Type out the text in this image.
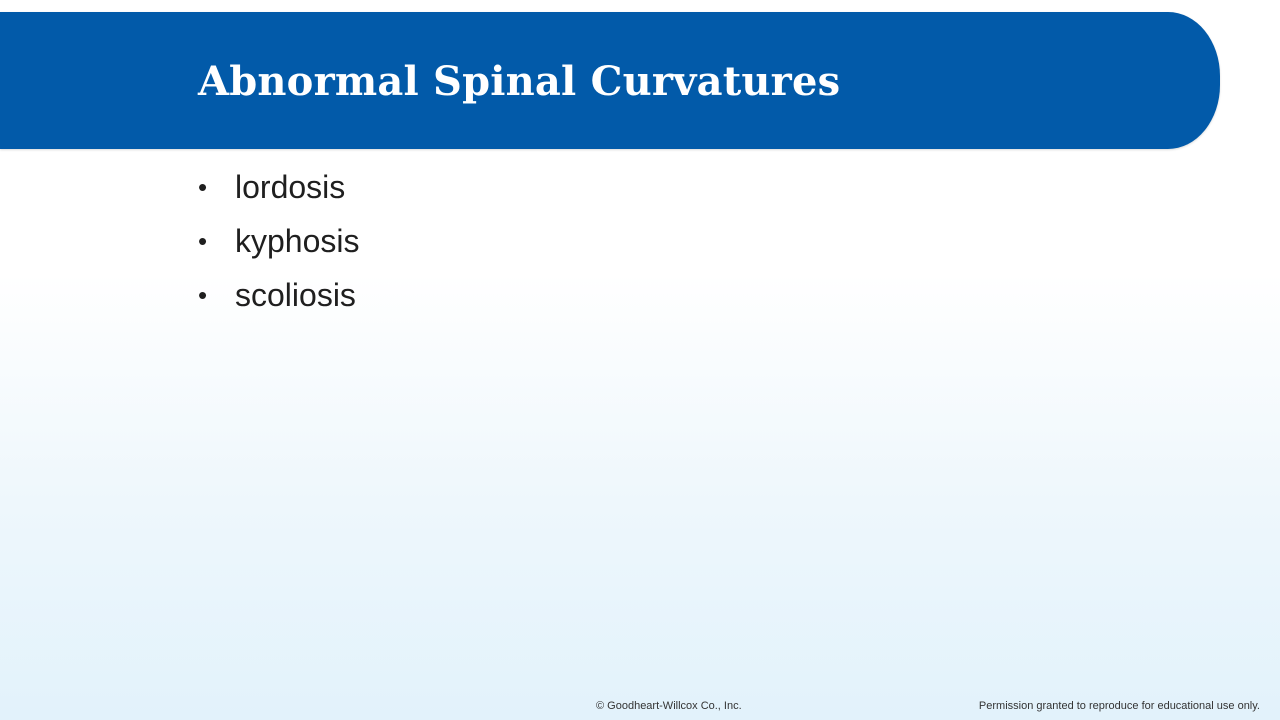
Abnormal Spinal Curvatures
• lordosis
• kyphosis
• scoliosis
© Goodheart-Willcox Co., Inc.	Permission granted to reproduce for educational use only.
